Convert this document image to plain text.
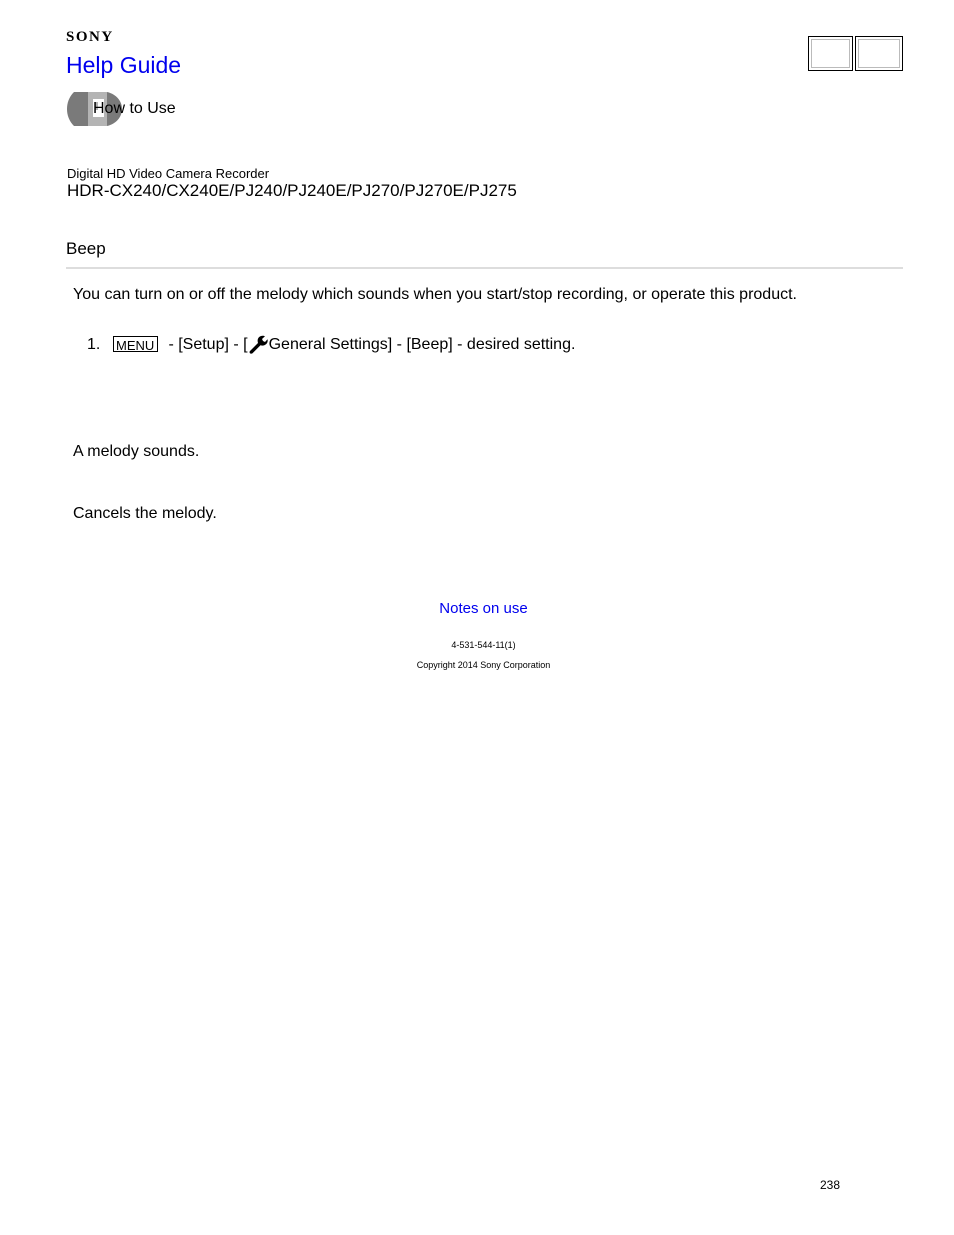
SONY
Help Guide
How to Use
Digital HD Video Camera Recorder
HDR-CX240/CX240E/PJ240/PJ240E/PJ270/PJ270E/PJ275
Beep
You can turn on or off the melody which sounds when you start/stop recording, or operate this product.
1.	MENU - [Setup] - [ General Settings] - [Beep] - desired setting.
A melody sounds.
Cancels the melody.
Notes on use
4-531-544-11(1)
Copyright 2014 Sony Corporation
238
